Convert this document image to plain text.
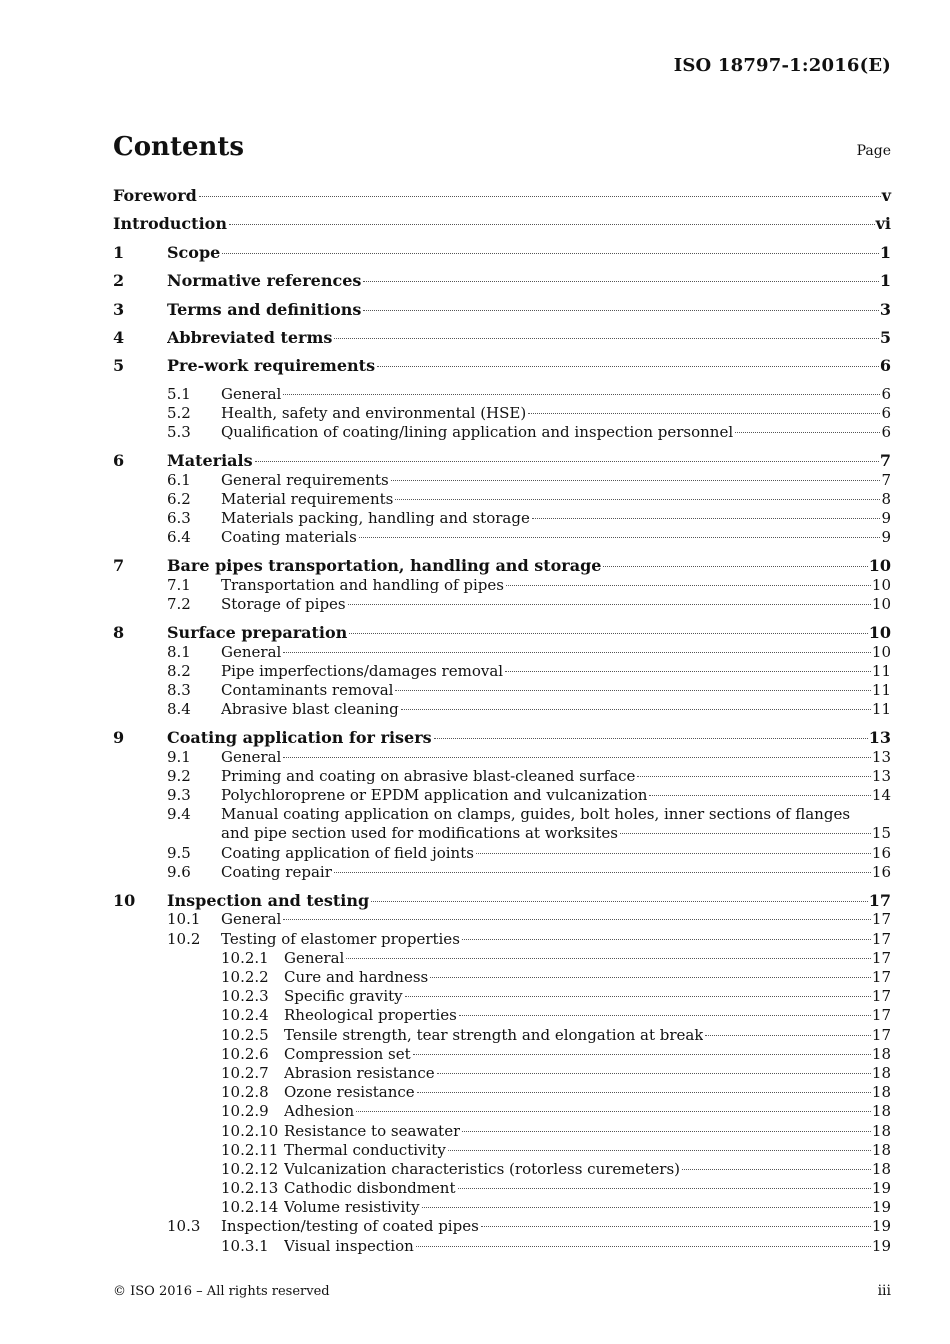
ISO 18797-1:2016(E)
Contents	Page
Foreword	v
Introduction	vi
1	Scope	1
2	Normative references	1
3	Terms and definitions	3
4	Abbreviated terms	5
5	Pre-work requirements	6
5.1	General	6
5.2	Health, safety and environmental (HSE)	6
5.3	Qualification of coating/lining application and inspection personnel	6
6	Materials	7
6.1	General requirements	7
6.2	Material requirements	8
6.3	Materials packing, handling and storage	9
6.4	Coating materials	9
7	Bare pipes transportation, handling and storage	10
7.1	Transportation and handling of pipes	10
7.2	Storage of pipes	10
8	Surface preparation	10
8.1	General	10
8.2	Pipe imperfections/damages removal	11
8.3	Contaminants removal	11
8.4	Abrasive blast cleaning	11
9	Coating application for risers	13
9.1	General	13
9.2	Priming and coating on abrasive blast-cleaned surface	13
9.3	Polychloroprene or EPDM application and vulcanization	14
9.4	Manual coating application on clamps, guides, bolt holes, inner sections of flanges
and pipe section used for modifications at worksites	15
9.5	Coating application of field joints	16
9.6	Coating repair	16
10	Inspection and testing	17
10.1	General	17
10.2	Testing of elastomer properties	17
10.2.1	General	17
10.2.2	Cure and hardness	17
10.2.3	Specific gravity	17
10.2.4	Rheological properties	17
10.2.5	Tensile strength, tear strength and elongation at break	17
10.2.6	Compression set	18
10.2.7	Abrasion resistance	18
10.2.8	Ozone resistance	18
10.2.9	Adhesion	18
10.2.10 Resistance to seawater	18
10.2.11 Thermal conductivity	18
10.2.12 Vulcanization characteristics (rotorless curemeters)	18
10.2.13 Cathodic disbondment	19
10.2.14 Volume resistivity	19
10.3	Inspection/testing of coated pipes	19
10.3.1	Visual inspection	19
© ISO 2016 – All rights reserved	iii
